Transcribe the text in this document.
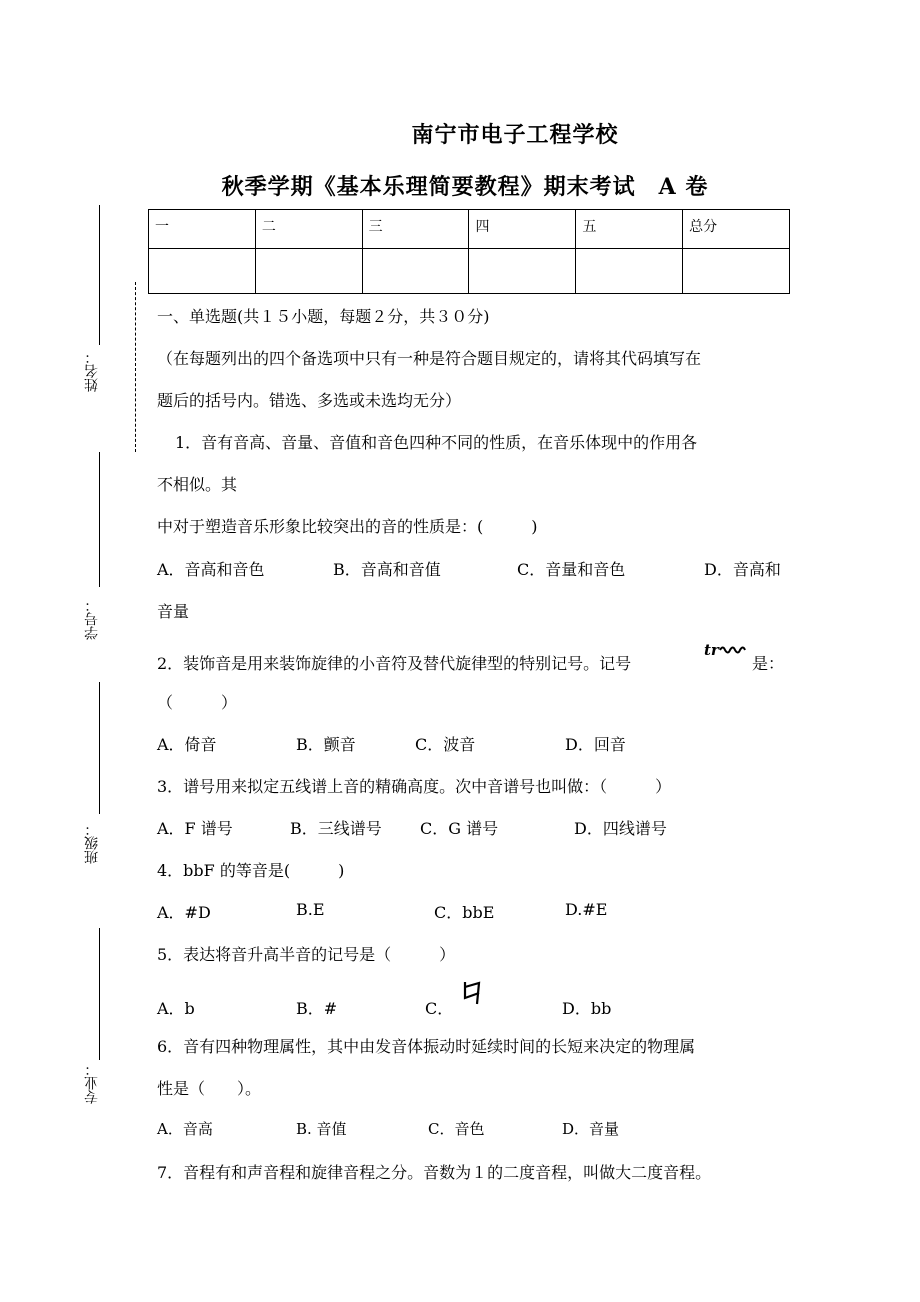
姓名：
学号：
班级：
专业：
南宁市电子工程学校
秋季学期《基本乐理简要教程》期末考试　A 卷
一	二	三	四	五	总分

一、单选题(共１５小题，每题２分，共３０分)
（在每题列出的四个备选项中只有一种是符合题目规定的，请将其代码填写在
题后的括号内。错选、多选或未选均无分）
1．音有音高、音量、音值和音色四种不同的性质，在音乐体现中的作用各
不相似。其
中对于塑造音乐形象比较突出的音的性质是：(　　　)
A．音高和音色	B．音高和音值	C．音量和音色	D．音高和
音量
2．装饰音是用来装饰旋律的小音符及替代旋律型的特别记号。记号
tr
是：
（　　　）
A．倚音	B．颤音	C．波音	D．回音
3．谱号用来拟定五线谱上音的精确高度。次中音谱号也叫做：（　　　）
A．F 谱号	B．三线谱号 C．G 谱号	D．四线谱号
4．bbF 的等音是(　　　)
A．#D	B.E	C．bbE	D.#E
5．表达将音升高半音的记号是（　　　）
A．b	B．#	C．	D．bb
6．音有四种物理属性，其中由发音体振动时延续时间的长短来决定的物理属
性是（　　）。
A．音高	B. 音值	C．音色	D．音量
7．音程有和声音程和旋律音程之分。音数为１的二度音程，叫做大二度音程。
